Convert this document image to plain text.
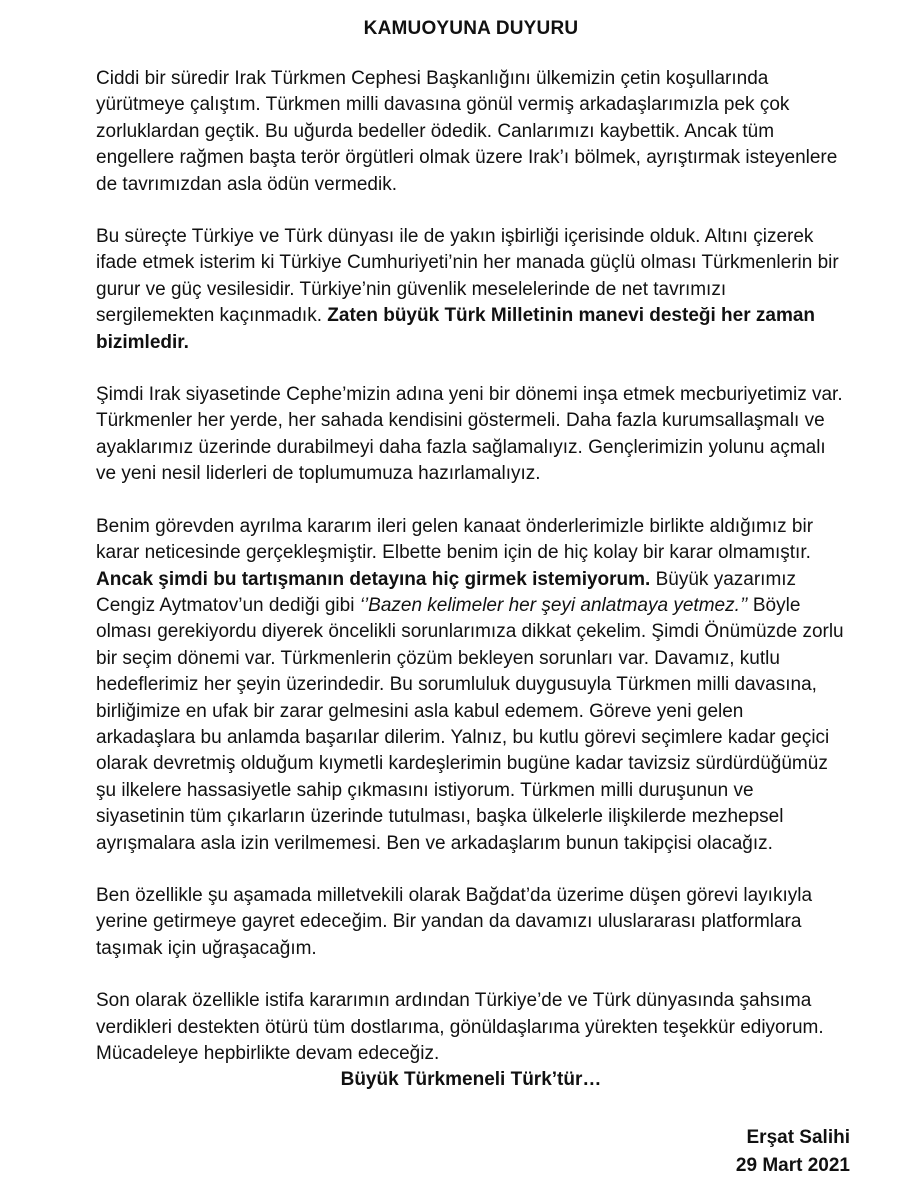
KAMUOYUNA DUYURU

Ciddi bir süredir Irak Türkmen Cephesi Başkanlığını ülkemizin çetin koşullarında yürütmeye çalıştım. Türkmen milli davasına gönül vermiş arkadaşlarımızla pek çok zorluklardan geçtik. Bu uğurda bedeller ödedik. Canlarımızı kaybettik. Ancak tüm engellere rağmen başta terör örgütleri olmak üzere Irak’ı bölmek, ayrıştırmak isteyenlere de tavrımızdan asla ödün vermedik.

Bu süreçte Türkiye ve Türk dünyası ile de yakın işbirliği içerisinde olduk. Altını çizerek ifade etmek isterim ki Türkiye Cumhuriyeti’nin her manada güçlü olması Türkmenlerin bir gurur ve güç vesilesidir. Türkiye’nin güvenlik meselelerinde de net tavrımızı sergilemekten kaçınmadık. Zaten büyük Türk Milletinin manevi desteği her zaman bizimledir.

Şimdi Irak siyasetinde Cephe’mizin adına yeni bir dönemi inşa etmek mecburiyetimiz var. Türkmenler her yerde, her sahada kendisini göstermeli. Daha fazla kurumsallaşmalı ve ayaklarımız üzerinde durabilmeyi daha fazla sağlamalıyız. Gençlerimizin yolunu açmalı ve yeni nesil liderleri de toplumumuza hazırlamalıyız.

Benim görevden ayrılma kararım ileri gelen kanaat önderlerimizle birlikte aldığımız bir karar neticesinde gerçekleşmiştir. Elbette benim için de hiç kolay bir karar olmamıştır. Ancak şimdi bu tartışmanın detayına hiç girmek istemiyorum. Büyük yazarımız Cengiz Aytmatov’un dediği gibi ‘’Bazen kelimeler her şeyi anlatmaya yetmez.’’ Böyle olması gerekiyordu diyerek öncelikli sorunlarımıza dikkat çekelim. Şimdi Önümüzde zorlu bir seçim dönemi var. Türkmenlerin çözüm bekleyen sorunları var. Davamız, kutlu hedeflerimiz her şeyin üzerindedir. Bu sorumluluk duygusuyla Türkmen milli davasına, birliğimize en ufak bir zarar gelmesini asla kabul edemem. Göreve yeni gelen arkadaşlara bu anlamda başarılar dilerim. Yalnız, bu kutlu görevi seçimlere kadar geçici olarak devretmiş olduğum kıymetli kardeşlerimin bugüne kadar tavizsiz sürdürdüğümüz şu ilkelere hassasiyetle sahip çıkmasını istiyorum. Türkmen milli duruşunun ve siyasetinin tüm çıkarların üzerinde tutulması, başka ülkelerle ilişkilerde mezhepsel ayrışmalara asla izin verilmemesi. Ben ve arkadaşlarım bunun takipçisi olacağız.

Ben özellikle şu aşamada milletvekili olarak Bağdat’da üzerime düşen görevi layıkıyla yerine getirmeye gayret edeceğim. Bir yandan da davamızı uluslararası platformlara taşımak için uğraşacağım.

Son olarak özellikle istifa kararımın ardından Türkiye’de ve Türk dünyasında şahsıma verdikleri destekten ötürü tüm dostlarıma, gönüldaşlarıma yürekten teşekkür ediyorum. Mücadeleye hepbirlikte devam edeceğiz.

Büyük Türkmeneli Türk’tür…

Erşat Salihi
29 Mart 2021
